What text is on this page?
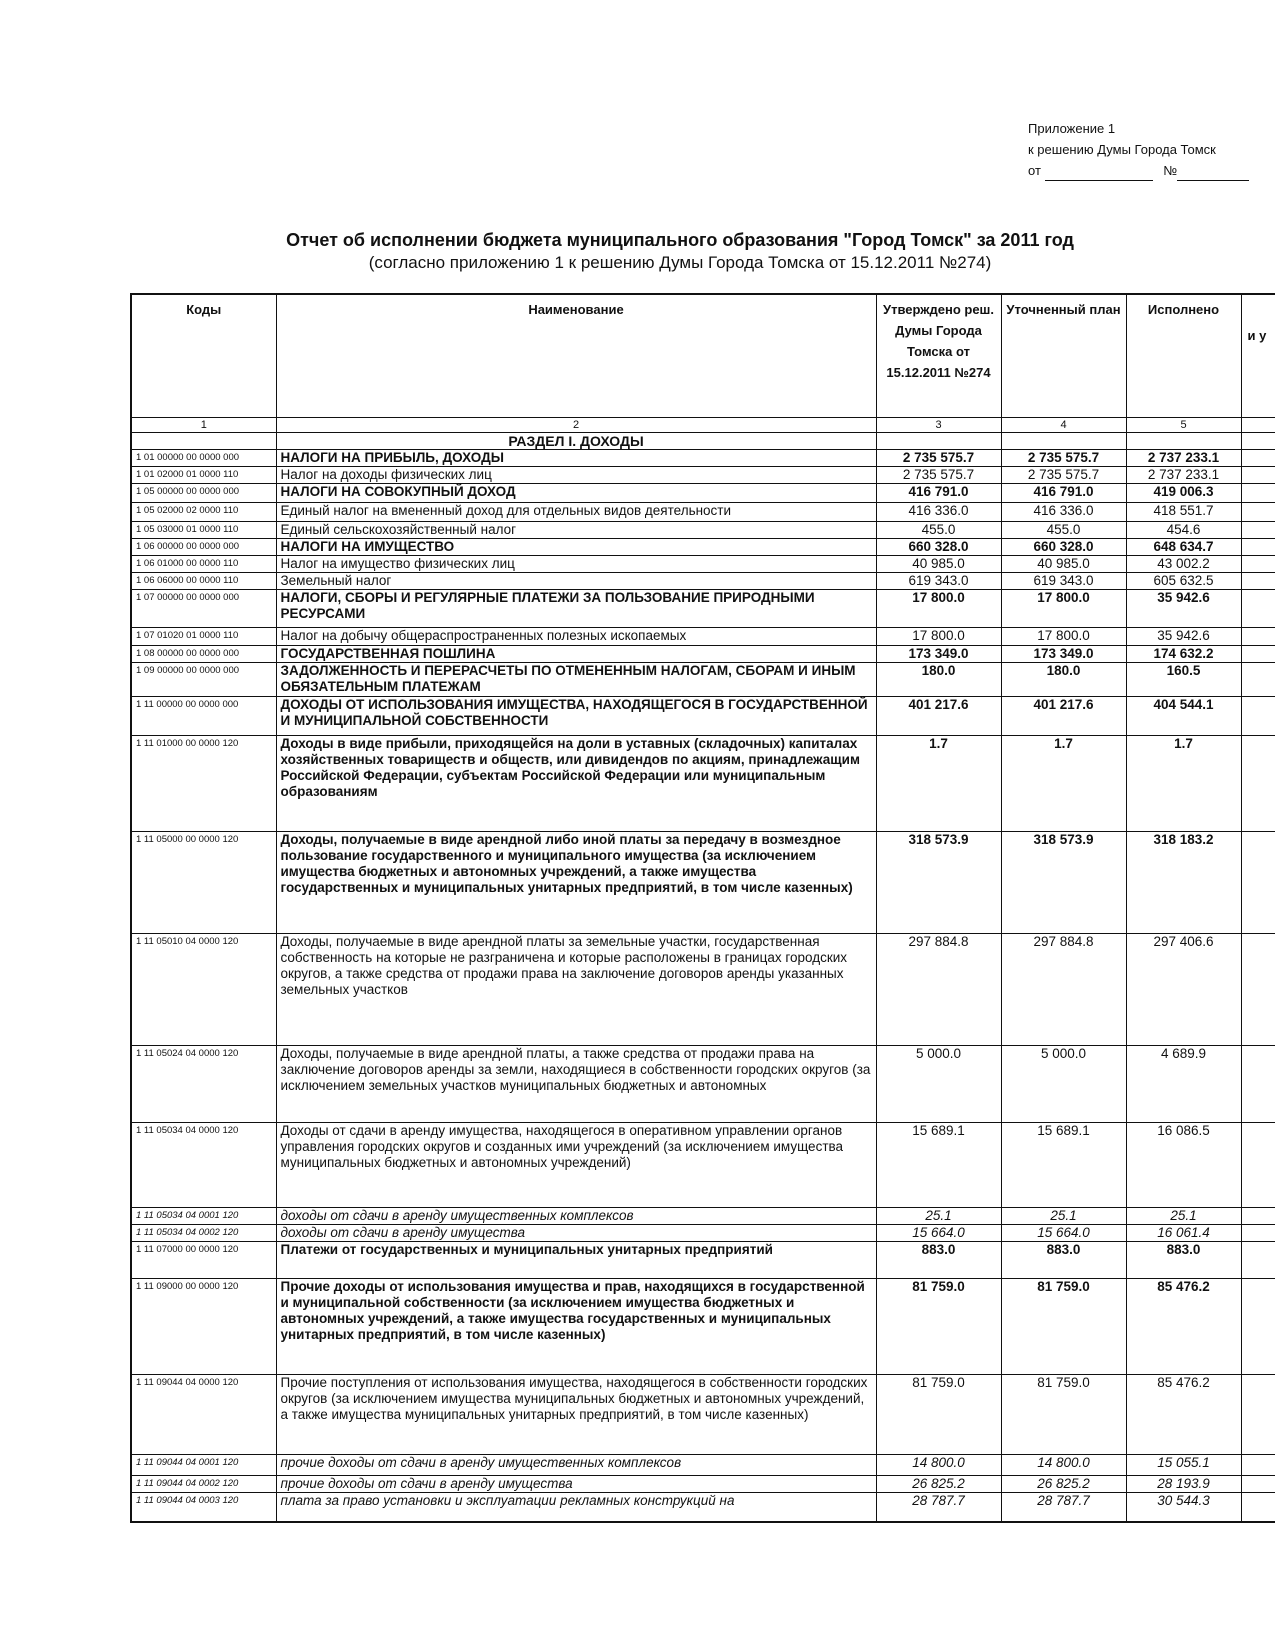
Приложение 1
к решению Думы Города Томск
от	№
Отчет об исполнении бюджета муниципального образования "Город Томск" за 2011 год
(согласно приложению 1 к решению Думы Города Томска от 15.12.2011 №274)
Коды	Наименование	Утверждено реш. Думы Города Томска от 15.12.2011 №274	Уточненный план	Исполнено	и у
1	2	3	4	5	
	РАЗДЕЛ I. ДОХОДЫ				
1 01 00000 00 0000 000	НАЛОГИ НА ПРИБЫЛЬ, ДОХОДЫ	2 735 575.7	2 735 575.7	2 737 233.1	
1 01 02000 01 0000 110	Налог на доходы физических лиц	2 735 575.7	2 735 575.7	2 737 233.1	
1 05 00000 00 0000 000	НАЛОГИ НА СОВОКУПНЫЙ ДОХОД	416 791.0	416 791.0	419 006.3	
1 05 02000 02 0000 110	Единый налог на вмененный доход для отдельных видов деятельности	416 336.0	416 336.0	418 551.7	
1 05 03000 01 0000 110	Единый сельскохозяйственный налог	455.0	455.0	454.6	
1 06 00000 00 0000 000	НАЛОГИ НА ИМУЩЕСТВО	660 328.0	660 328.0	648 634.7	
1 06 01000 00 0000 110	Налог на имущество физических лиц	40 985.0	40 985.0	43 002.2	
1 06 06000 00 0000 110	Земельный налог	619 343.0	619 343.0	605 632.5	
1 07 00000 00 0000 000	НАЛОГИ, СБОРЫ И РЕГУЛЯРНЫЕ ПЛАТЕЖИ ЗА ПОЛЬЗОВАНИЕ ПРИРОДНЫМИ РЕСУРСАМИ	17 800.0	17 800.0	35 942.6	
1 07 01020 01 0000 110	Налог на добычу общераспространенных полезных ископаемых	17 800.0	17 800.0	35 942.6	
1 08 00000 00 0000 000	ГОСУДАРСТВЕННАЯ ПОШЛИНА	173 349.0	173 349.0	174 632.2	
1 09 00000 00 0000 000	ЗАДОЛЖЕННОСТЬ И ПЕРЕРАСЧЕТЫ ПО ОТМЕНЕННЫМ НАЛОГАМ, СБОРАМ И ИНЫМ ОБЯЗАТЕЛЬНЫМ ПЛАТЕЖАМ	180.0	180.0	160.5	
1 11 00000 00 0000 000	ДОХОДЫ ОТ ИСПОЛЬЗОВАНИЯ ИМУЩЕСТВА, НАХОДЯЩЕГОСЯ В ГОСУДАРСТВЕННОЙ И МУНИЦИПАЛЬНОЙ СОБСТВЕННОСТИ	401 217.6	401 217.6	404 544.1	
1 11 01000 00 0000 120	Доходы в виде прибыли, приходящейся на доли в уставных (складочных) капиталах хозяйственных товариществ и обществ, или дивидендов по акциям, принадлежащим Российской Федерации, субъектам Российской Федерации или муниципальным образованиям	1.7	1.7	1.7	
1 11 05000 00 0000 120	Доходы, получаемые в виде арендной либо иной платы за передачу в возмездное пользование государственного и муниципального имущества (за исключением имущества бюджетных и автономных учреждений, а также имущества государственных и муниципальных унитарных предприятий, в том числе казенных)	318 573.9	318 573.9	318 183.2	
1 11 05010 04 0000 120	Доходы, получаемые в виде арендной платы за земельные участки, государственная собственность на которые не разграничена и которые расположены в границах городских округов, а также средства от продажи права на заключение договоров аренды указанных земельных участков	297 884.8	297 884.8	297 406.6	
1 11 05024 04 0000 120	Доходы, получаемые в виде арендной платы, а также средства от продажи права на заключение договоров аренды за земли, находящиеся в собственности городских округов (за исключением земельных участков муниципальных бюджетных и автономных	5 000.0	5 000.0	4 689.9	
1 11 05034 04 0000 120	Доходы от сдачи в аренду имущества, находящегося в оперативном управлении органов управления городских округов и созданных ими учреждений (за исключением имущества муниципальных бюджетных и автономных учреждений)	15 689.1	15 689.1	16 086.5	
1 11 05034 04 0001 120	доходы от сдачи в аренду имущественных комплексов	25.1	25.1	25.1	
1 11 05034 04 0002 120	доходы от сдачи в аренду имущества	15 664.0	15 664.0	16 061.4	
1 11 07000 00 0000 120	Платежи от государственных и муниципальных унитарных предприятий	883.0	883.0	883.0	
1 11 09000 00 0000 120	Прочие доходы от использования имущества и прав, находящихся в государственной и муниципальной собственности (за исключением имущества бюджетных и автономных учреждений, а также имущества государственных и муниципальных унитарных предприятий, в том числе казенных)	81 759.0	81 759.0	85 476.2	
1 11 09044 04 0000 120	Прочие поступления от использования имущества, находящегося в собственности городских округов (за исключением имущества муниципальных бюджетных и автономных учреждений, а также имущества муниципальных унитарных предприятий, в том числе казенных)	81 759.0	81 759.0	85 476.2	
1 11 09044 04 0001 120	прочие доходы от сдачи в аренду имущественных комплексов	14 800.0	14 800.0	15 055.1	
1 11 09044 04 0002 120	прочие доходы от сдачи в аренду имущества	26 825.2	26 825.2	28 193.9	
1 11 09044 04 0003 120	плата за право установки и эксплуатации рекламных конструкций на	28 787.7	28 787.7	30 544.3	
